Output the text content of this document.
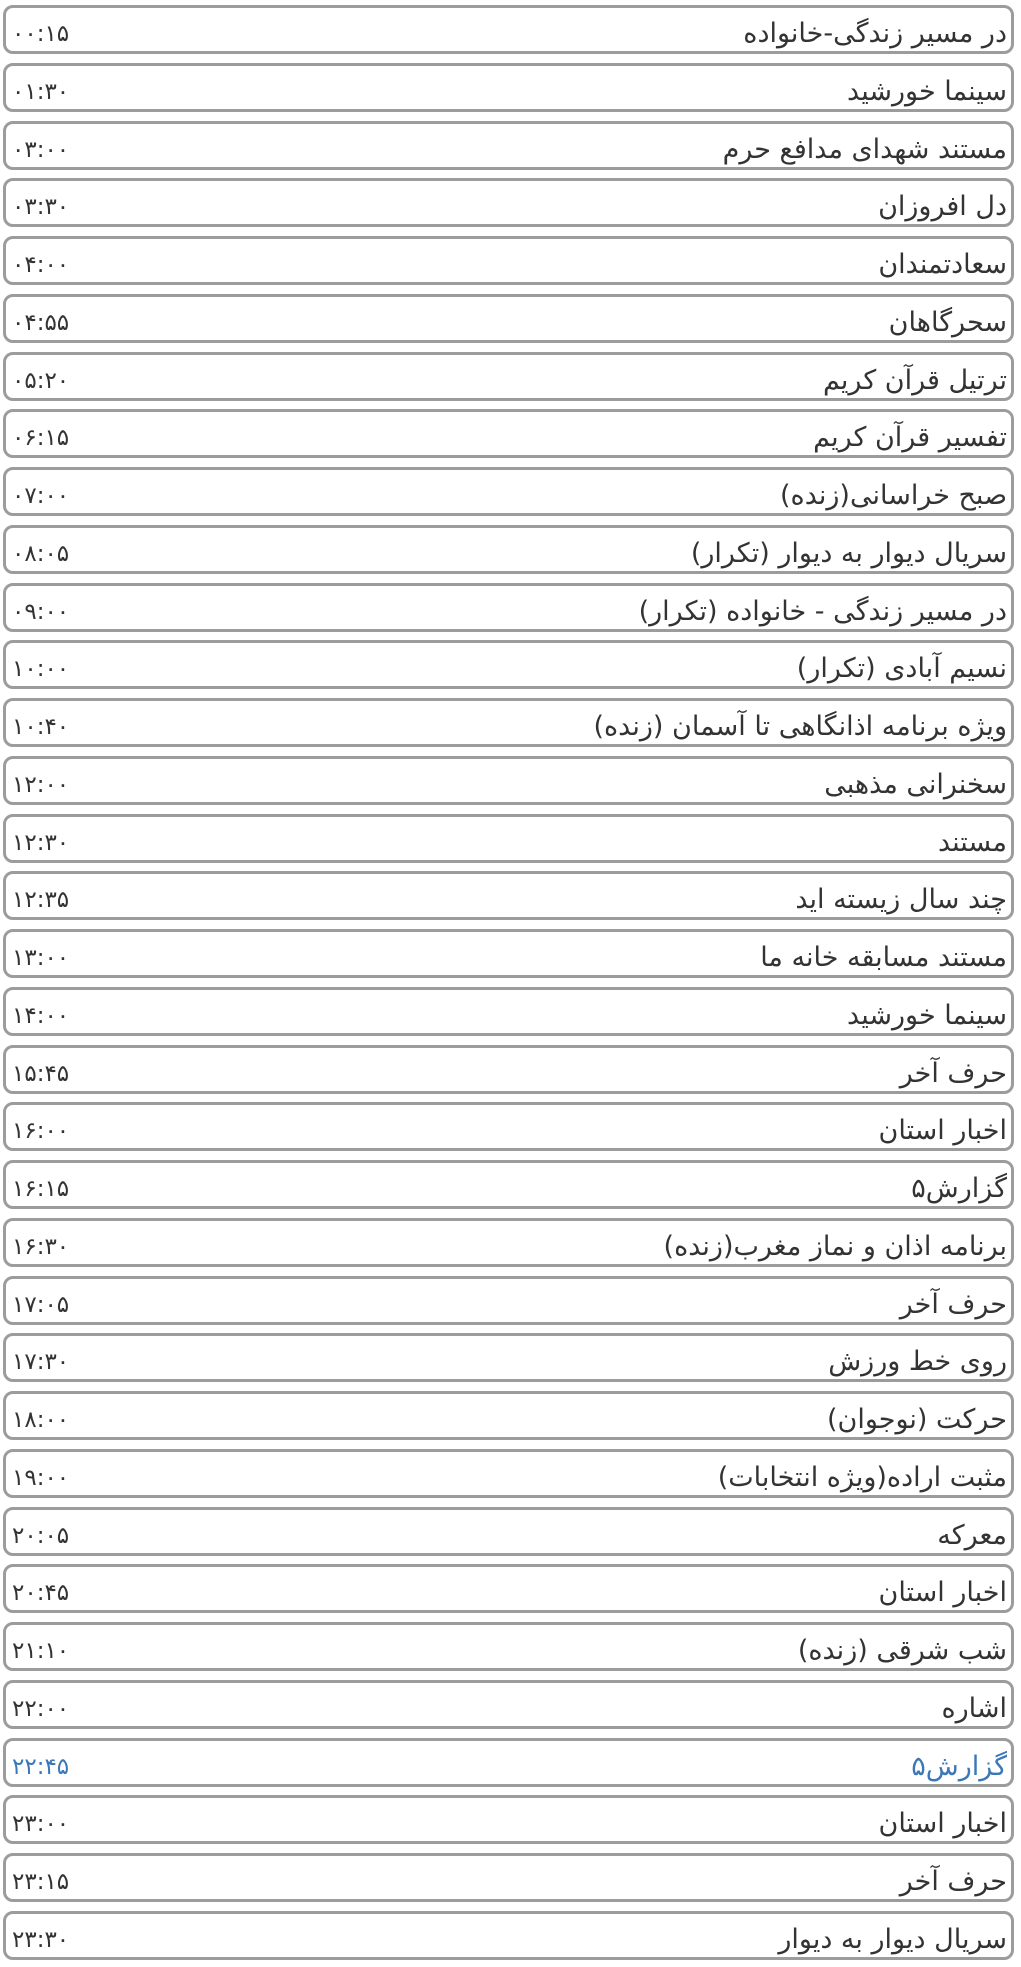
در مسیر زندگی-خانواده
۰۰:۱۵
سینما خورشید
۰۱:۳۰
مستند شهدای مدافع حرم
۰۳:۰۰
دل افروزان
۰۳:۳۰
سعادتمندان
۰۴:۰۰
سحرگاهان
۰۴:۵۵
ترتیل قرآن کریم
۰۵:۲۰
تفسیر قرآن کریم
۰۶:۱۵
صبح خراسانی(زنده)
۰۷:۰۰
سریال دیوار به دیوار (تکرار)
۰۸:۰۵
در مسیر زندگی - خانواده (تکرار)
۰۹:۰۰
نسیم آبادی (تکرار)
۱۰:۰۰
ویژه برنامه اذانگاهی تا آسمان (زنده)
۱۰:۴۰
سخنرانی مذهبی
۱۲:۰۰
مستند
۱۲:۳۰
چند سال زیسته اید
۱۲:۳۵
مستند مسابقه خانه ما
۱۳:۰۰
سینما خورشید
۱۴:۰۰
حرف آخر
۱۵:۴۵
اخبار استان
۱۶:۰۰
گزارش۵
۱۶:۱۵
برنامه اذان و نماز مغرب(زنده)
۱۶:۳۰
حرف آخر
۱۷:۰۵
روی خط ورزش
۱۷:۳۰
حرکت (نوجوان)
۱۸:۰۰
مثبت اراده(ویژه انتخابات)
۱۹:۰۰
معرکه
۲۰:۰۵
اخبار استان
۲۰:۴۵
شب شرقی (زنده)
۲۱:۱۰
اشاره
۲۲:۰۰
گزارش۵
۲۲:۴۵
اخبار استان
۲۳:۰۰
حرف آخر
۲۳:۱۵
سریال دیوار به دیوار
۲۳:۳۰
